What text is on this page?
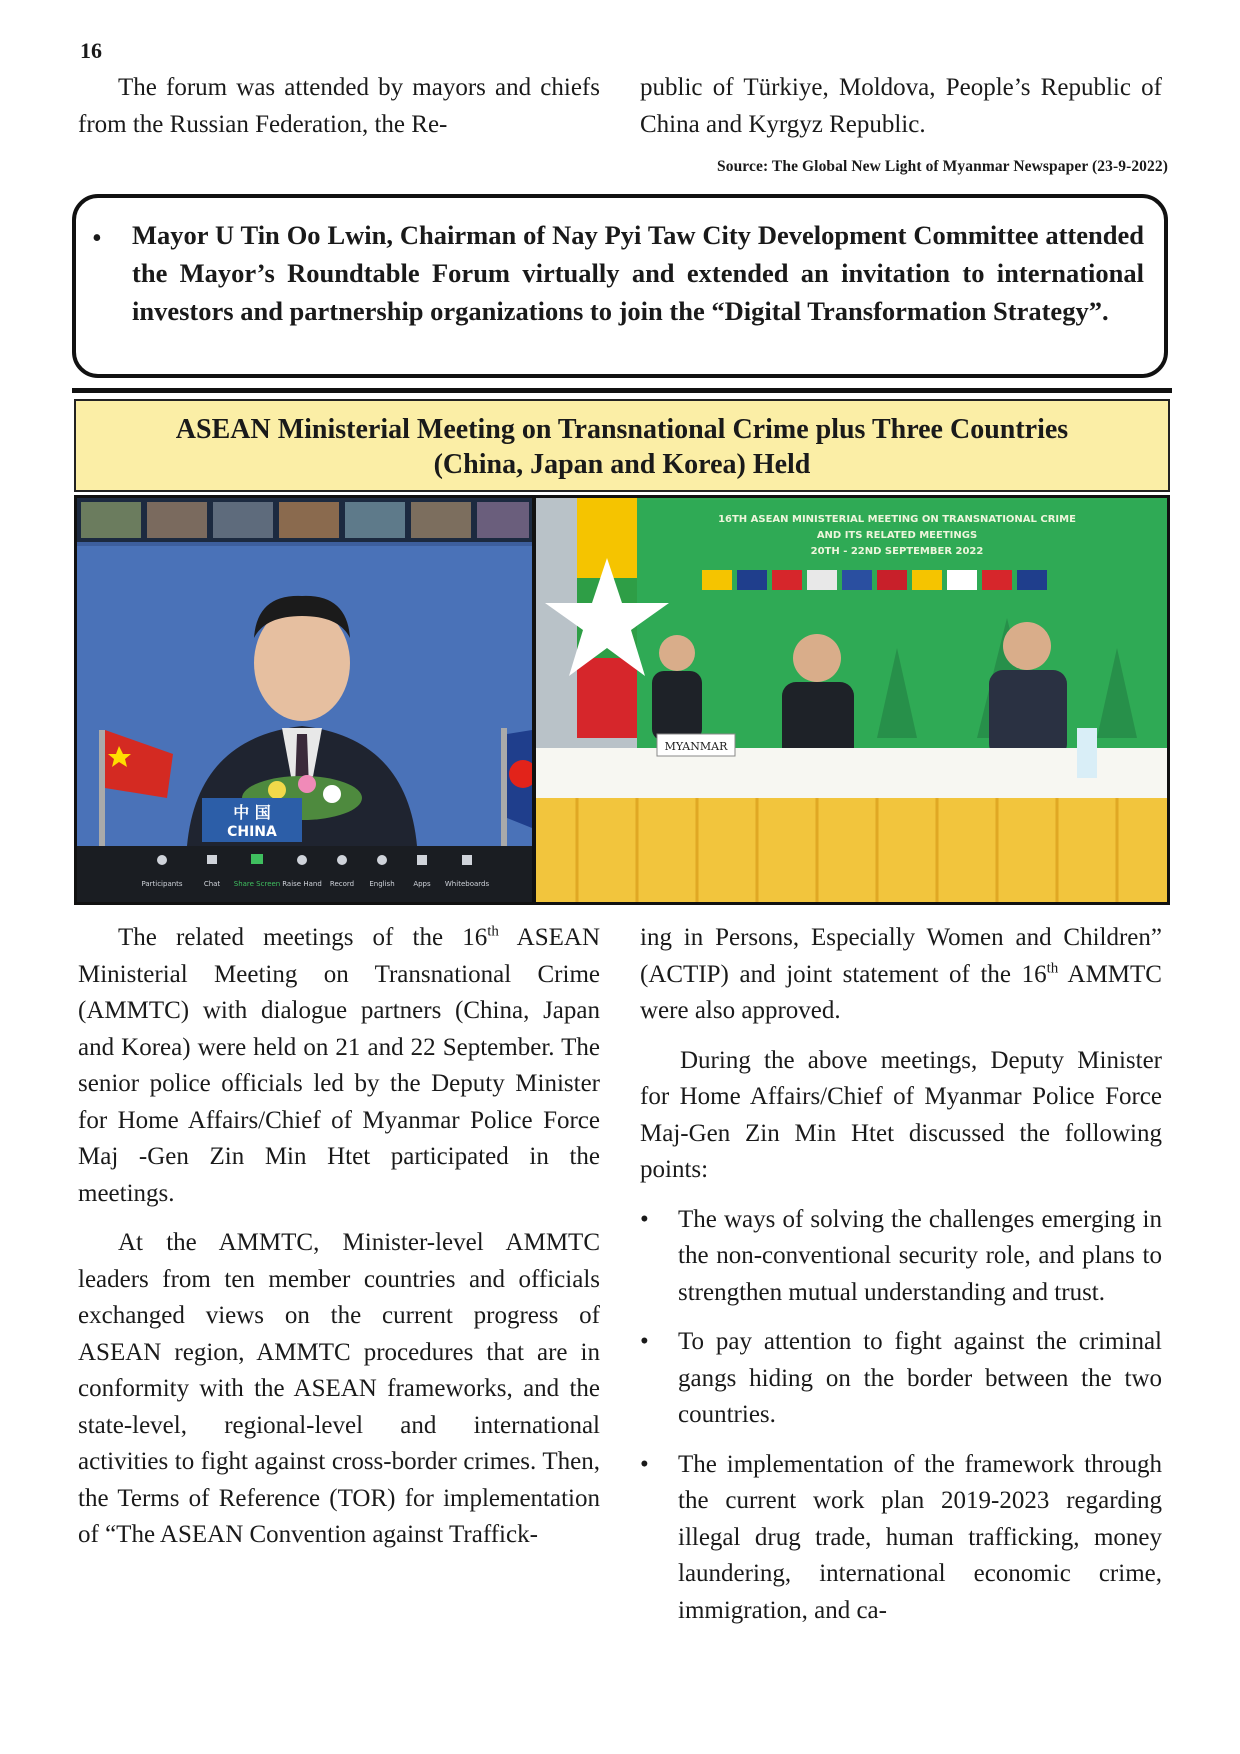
16

The forum was attended by mayors and chiefs from the Russian Federation, the Re-

public of Türkiye, Moldova, People’s Republic of China and Kyrgyz Republic.

Source: The Global New Light of Myanmar Newspaper (23-9-2022)
• Mayor U Tin Oo Lwin, Chairman of Nay Pyi Taw City Development Committee attended the Mayor’s Roundtable Forum virtually and extended an invitation to international investors and partnership organizations to join the “Digital Transformation Strategy”.
ASEAN Ministerial Meeting on Transnational Crime plus Three Countries
(China, Japan and Korea) Held
中 国
CHINA
Participants	Chat Share Screen Raise Hand Record English	Apps Whiteboards
16TH ASEAN MINISTERIAL MEETING ON TRANSNATIONAL CRIME
AND ITS RELATED MEETINGS
20TH - 22ND SEPTEMBER 2022
MYANMAR

The related meetings of the 16th ASEAN Ministerial Meeting on Transnational Crime (AMMTC) with dialogue partners (China, Japan and Korea) were held on 21 and 22 September. The senior police officials led by the Deputy Minister for Home Affairs/Chief of Myanmar Police Force Maj -Gen Zin Min Htet participated in the meetings.

At the AMMTC, Minister-level AMMTC leaders from ten member countries and officials exchanged views on the current progress of ASEAN region, AMMTC procedures that are in conformity with the ASEAN frameworks, and the state-level, regional-level and international activities to fight against cross-border crimes. Then, the Terms of Reference (TOR) for implementation of “The ASEAN Convention against Traffick-

ing in Persons, Especially Women and Children” (ACTIP) and joint statement of the 16th AMMTC were also approved.

During the above meetings, Deputy Minister for Home Affairs/Chief of Myanmar Police Force Maj-Gen Zin Min Htet discussed the following points:

• The ways of solving the challenges emerging in the non-conventional security role, and plans to strengthen mutual understanding and trust.
• To pay attention to fight against the criminal gangs hiding on the border between the two countries.
• The implementation of the framework through the current work plan 2019-2023 regarding illegal drug trade, human trafficking, money laundering, international economic crime, immigration, and ca-
